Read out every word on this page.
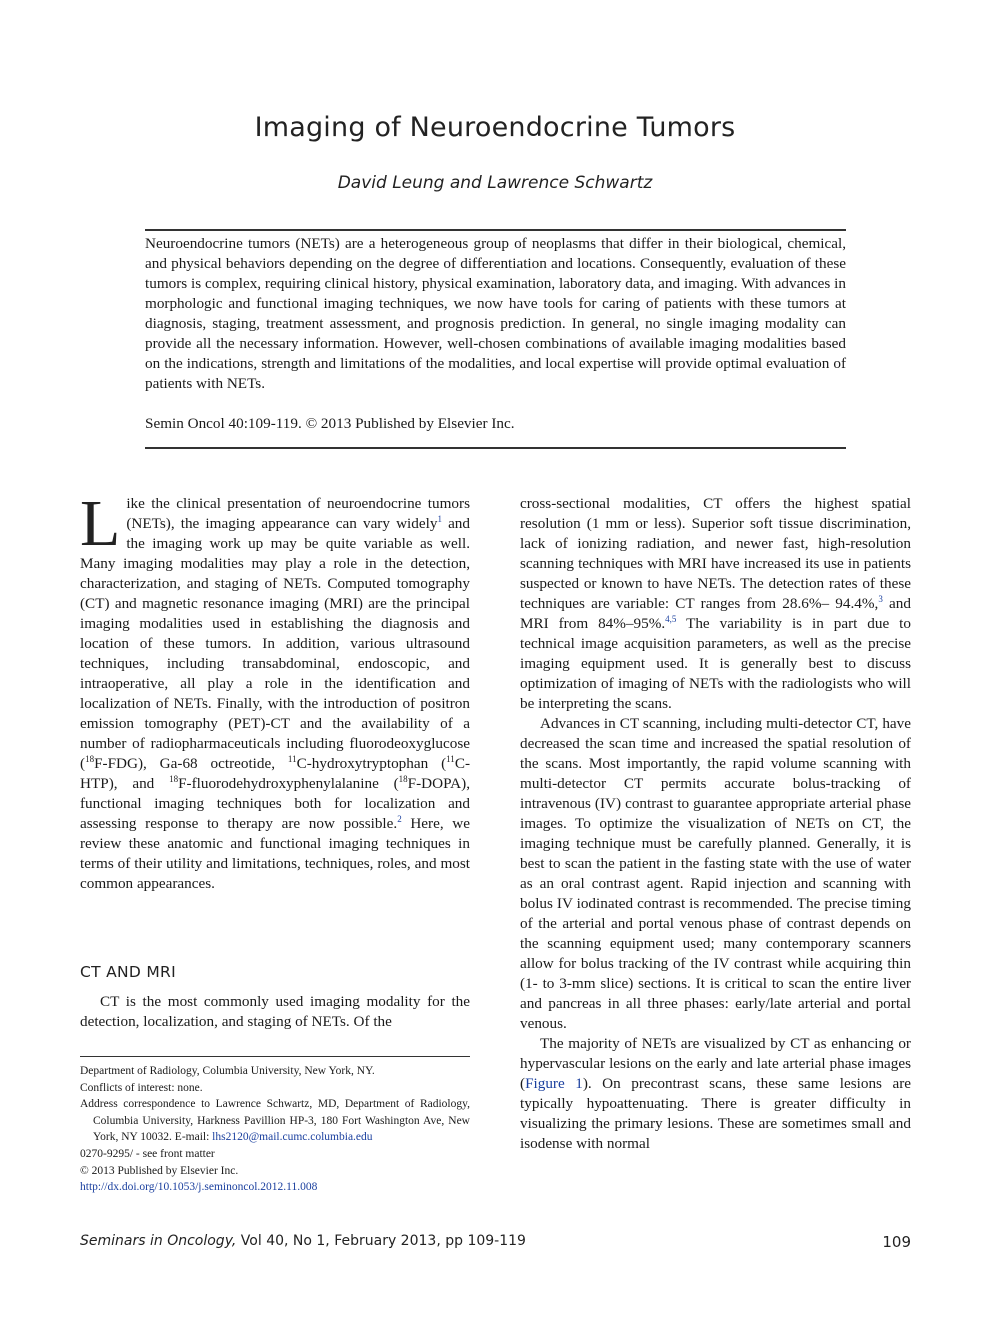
Imaging of Neuroendocrine Tumors
David Leung and Lawrence Schwartz

Neuroendocrine tumors (NETs) are a heterogeneous group of neoplasms that differ in their biological, chemical, and physical behaviors depending on the degree of differentiation and locations. Consequently, evaluation of these tumors is complex, requiring clinical history, physical examination, laboratory data, and imaging. With advances in morphologic and functional imaging techniques, we now have tools for caring of patients with these tumors at diagnosis, staging, treatment assessment, and prognosis prediction. In general, no single imaging modality can provide all the necessary information. However, well-chosen combinations of available imaging modalities based on the indications, strength and limitations of the modalities, and local expertise will provide optimal evaluation of patients with NETs.

Semin Oncol 40:109-119. © 2013 Published by Elsevier Inc.

Like the clinical presentation of neuroendocrine tumors (NETs), the imaging appearance can vary widely$^1$ and the imaging work up may be quite variable as well. Many imaging modalities may play a role in the detection, characterization, and staging of NETs. Computed tomography (CT) and magnetic resonance imaging (MRI) are the principal imaging modalities used in establishing the diagnosis and location of these tumors. In addition, various ultrasound techniques, including transabdominal, endoscopic, and intraoperative, all play a role in the identification and localization of NETs. Finally, with the introduction of positron emission tomography (PET)-CT and the availability of a number of radiopharmaceuticals including fluorodeoxyglucose ($^{18}$F-FDG), Ga-68 octreotide, $^{11}$C-hydroxytryptophan ($^{11}$C-HTP), and $^{18}$F-fluorodehydroxyphenylalanine ($^{18}$F-DOPA), functional imaging techniques both for localization and assessing response to therapy are now possible.$^2$ Here, we review these anatomic and functional imaging techniques in terms of their utility and limitations, techniques, roles, and most common appearances.

CT AND MRI

CT is the most commonly used imaging modality for the detection, localization, and staging of NETs. Of the

Department of Radiology, Columbia University, New York, NY.

Conflicts of interest: none.

Address correspondence to Lawrence Schwartz, MD, Department of Radiology, Columbia University, Harkness Pavillion HP-3, 180 Fort Washington Ave, New York, NY 10032. E-mail: lhs2120@mail.cumc.columbia.edu

0270-9295/ - see front matter

© 2013 Published by Elsevier Inc.

http://dx.doi.org/10.1053/j.seminoncol.2012.11.008

cross-sectional modalities, CT offers the highest spatial resolution (1 mm or less). Superior soft tissue discrimination, lack of ionizing radiation, and newer fast, high-resolution scanning techniques with MRI have increased its use in patients suspected or known to have NETs. The detection rates of these techniques are variable: CT ranges from 28.6%– 94.4%,$^3$ and MRI from 84%–95%.$^{4,5}$ The variability is in part due to technical image acquisition parameters, as well as the precise imaging equipment used. It is generally best to discuss optimization of imaging of NETs with the radiologists who will be interpreting the scans.

Advances in CT scanning, including multi-detector CT, have decreased the scan time and increased the spatial resolution of the scans. Most importantly, the rapid volume scanning with multi-detector CT permits accurate bolus-tracking of intravenous (IV) contrast to guarantee appropriate arterial phase images. To optimize the visualization of NETs on CT, the imaging technique must be carefully planned. Generally, it is best to scan the patient in the fasting state with the use of water as an oral contrast agent. Rapid injection and scanning with bolus IV iodinated contrast is recommended. The precise timing of the arterial and portal venous phase of contrast depends on the scanning equipment used; many contemporary scanners allow for bolus tracking of the IV contrast while acquiring thin (1- to 3-mm slice) sections. It is critical to scan the entire liver and pancreas in all three phases: early/late arterial and portal venous.

The majority of NETs are visualized by CT as enhancing or hypervascular lesions on the early and late arterial phase images (Figure 1). On precontrast scans, these same lesions are typically hypoattenuating. There is greater difficulty in visualizing the primary lesions. These are sometimes small and isodense with normal

Seminars in Oncology, Vol 40, No 1, February 2013, pp 109-119	109
